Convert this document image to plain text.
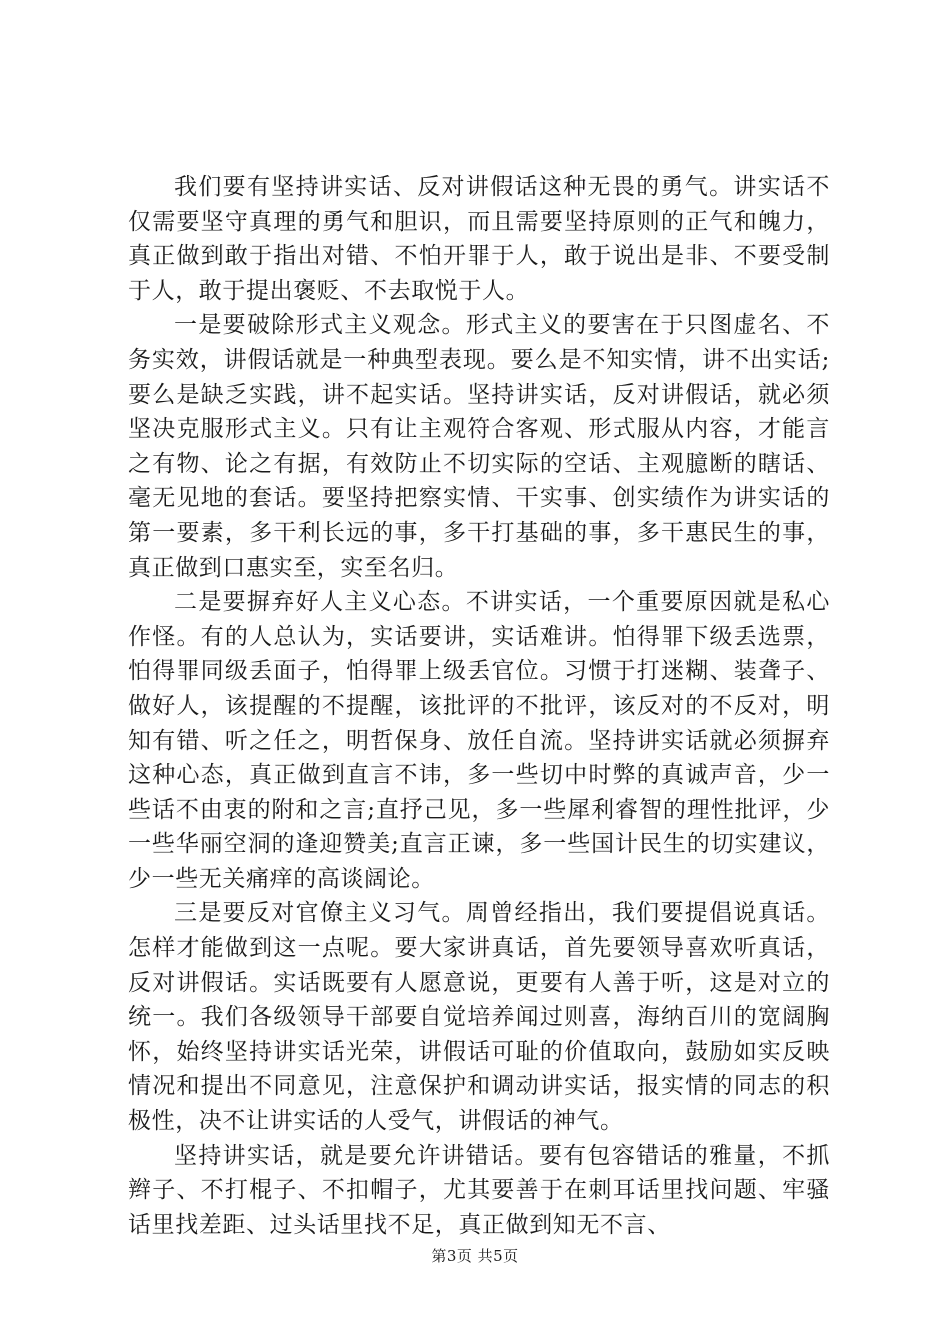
我们要有坚持讲实话、反对讲假话这种无畏的勇气。讲实话不仅需要坚守真理的勇气和胆识，而且需要坚持原则的正气和魄力，真正做到敢于指出对错、不怕开罪于人，敢于说出是非、不要受制于人，敢于提出褒贬、不去取悦于人。

一是要破除形式主义观念。形式主义的要害在于只图虚名、不务实效，讲假话就是一种典型表现。要么是不知实情，讲不出实话;要么是缺乏实践，讲不起实话。坚持讲实话，反对讲假话，就必须坚决克服形式主义。只有让主观符合客观、形式服从内容，才能言之有物、论之有据，有效防止不切实际的空话、主观臆断的瞎话、毫无见地的套话。要坚持把察实情、干实事、创实绩作为讲实话的第一要素，多干利长远的事，多干打基础的事，多干惠民生的事，真正做到口惠实至，实至名归。

二是要摒弃好人主义心态。不讲实话，一个重要原因就是私心作怪。有的人总认为，实话要讲，实话难讲。怕得罪下级丢选票，怕得罪同级丢面子，怕得罪上级丢官位。习惯于打迷糊、装聋子、做好人，该提醒的不提醒，该批评的不批评，该反对的不反对，明知有错、听之任之，明哲保身、放任自流。坚持讲实话就必须摒弃这种心态，真正做到直言不讳，多一些切中时弊的真诚声音，少一些话不由衷的附和之言;直抒己见，多一些犀利睿智的理性批评，少一些华丽空洞的逢迎赞美;直言正谏，多一些国计民生的切实建议，少一些无关痛痒的高谈阔论。

三是要反对官僚主义习气。周曾经指出，我们要提倡说真话。怎样才能做到这一点呢。要大家讲真话，首先要领导喜欢听真话，反对讲假话。实话既要有人愿意说，更要有人善于听，这是对立的统一。我们各级领导干部要自觉培养闻过则喜，海纳百川的宽阔胸怀，始终坚持讲实话光荣，讲假话可耻的价值取向，鼓励如实反映情况和提出不同意见，注意保护和调动讲实话，报实情的同志的积极性，决不让讲实话的人受气，讲假话的神气。

坚持讲实话，就是要允许讲错话。要有包容错话的雅量，不抓辫子、不打棍子、不扣帽子，尤其要善于在刺耳话里找问题、牢骚话里找差距、过头话里找不足，真正做到知无不言、

第3页 共5页
